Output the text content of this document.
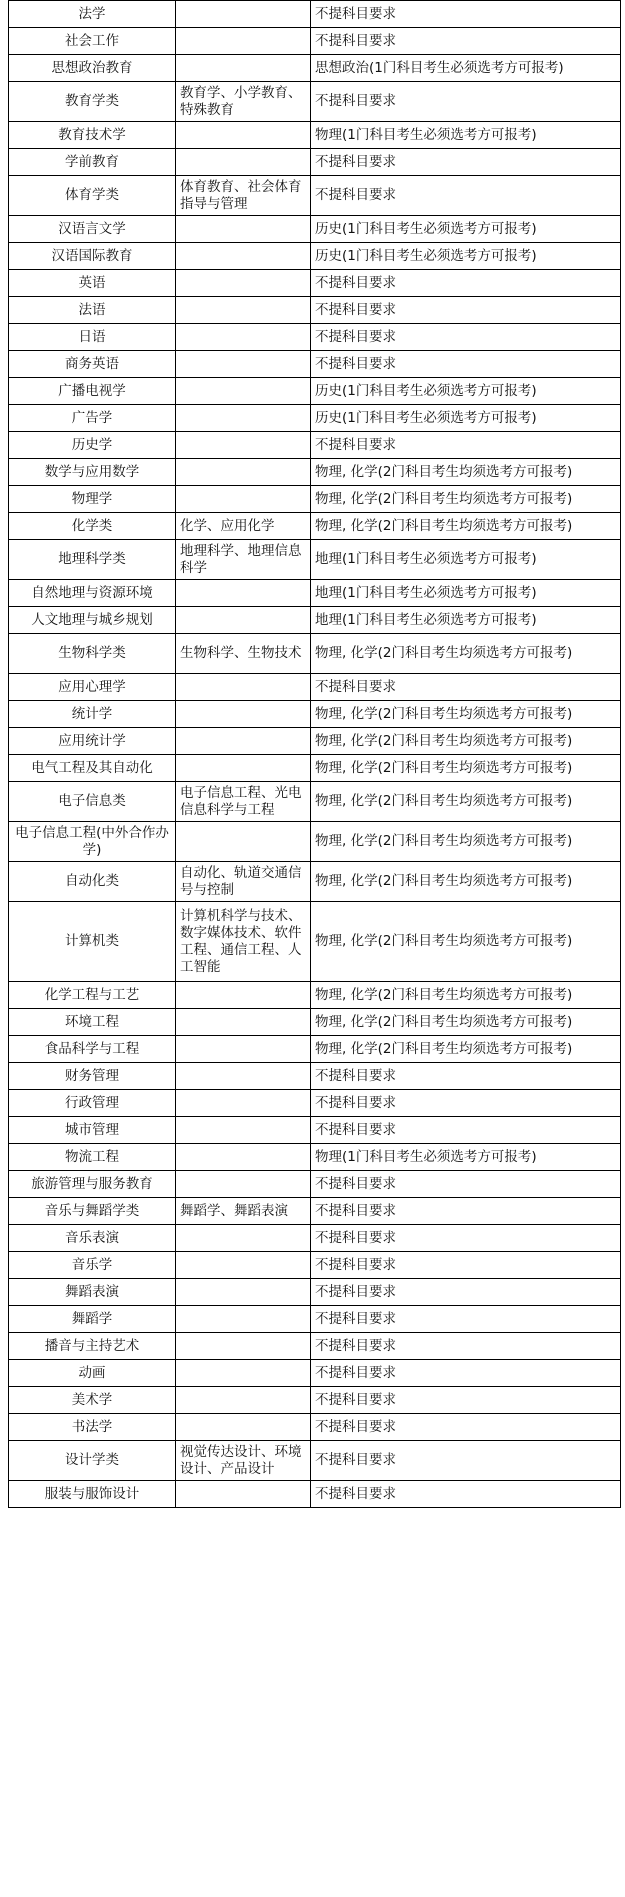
法学		不提科目要求
社会工作		不提科目要求
思想政治教育		思想政治(1门科目考生必须选考方可报考)
教育学类	教育学、小学教育、特殊教育	不提科目要求
教育技术学		物理(1门科目考生必须选考方可报考)
学前教育		不提科目要求
体育学类	体育教育、社会体育指导与管理	不提科目要求
汉语言文学		历史(1门科目考生必须选考方可报考)
汉语国际教育		历史(1门科目考生必须选考方可报考)
英语		不提科目要求
法语		不提科目要求
日语		不提科目要求
商务英语		不提科目要求
广播电视学		历史(1门科目考生必须选考方可报考)
广告学		历史(1门科目考生必须选考方可报考)
历史学		不提科目要求
数学与应用数学		物理, 化学(2门科目考生均须选考方可报考)
物理学		物理, 化学(2门科目考生均须选考方可报考)
化学类	化学、应用化学	物理, 化学(2门科目考生均须选考方可报考)
地理科学类	地理科学、地理信息科学	地理(1门科目考生必须选考方可报考)
自然地理与资源环境		地理(1门科目考生必须选考方可报考)
人文地理与城乡规划		地理(1门科目考生必须选考方可报考)
生物科学类	生物科学、生物技术	物理, 化学(2门科目考生均须选考方可报考)
应用心理学		不提科目要求
统计学		物理, 化学(2门科目考生均须选考方可报考)
应用统计学		物理, 化学(2门科目考生均须选考方可报考)
电气工程及其自动化		物理, 化学(2门科目考生均须选考方可报考)
电子信息类	电子信息工程、光电信息科学与工程	物理, 化学(2门科目考生均须选考方可报考)
电子信息工程(中外合作办学)		物理, 化学(2门科目考生均须选考方可报考)
自动化类	自动化、轨道交通信号与控制	物理, 化学(2门科目考生均须选考方可报考)
计算机类	计算机科学与技术、数字媒体技术、软件工程、通信工程、人工智能	物理, 化学(2门科目考生均须选考方可报考)
化学工程与工艺		物理, 化学(2门科目考生均须选考方可报考)
环境工程		物理, 化学(2门科目考生均须选考方可报考)
食品科学与工程		物理, 化学(2门科目考生均须选考方可报考)
财务管理		不提科目要求
行政管理		不提科目要求
城市管理		不提科目要求
物流工程		物理(1门科目考生必须选考方可报考)
旅游管理与服务教育		不提科目要求
音乐与舞蹈学类	舞蹈学、舞蹈表演	不提科目要求
音乐表演		不提科目要求
音乐学		不提科目要求
舞蹈表演		不提科目要求
舞蹈学		不提科目要求
播音与主持艺术		不提科目要求
动画		不提科目要求
美术学		不提科目要求
书法学		不提科目要求
设计学类	视觉传达设计、环境设计、产品设计	不提科目要求
服装与服饰设计		不提科目要求
